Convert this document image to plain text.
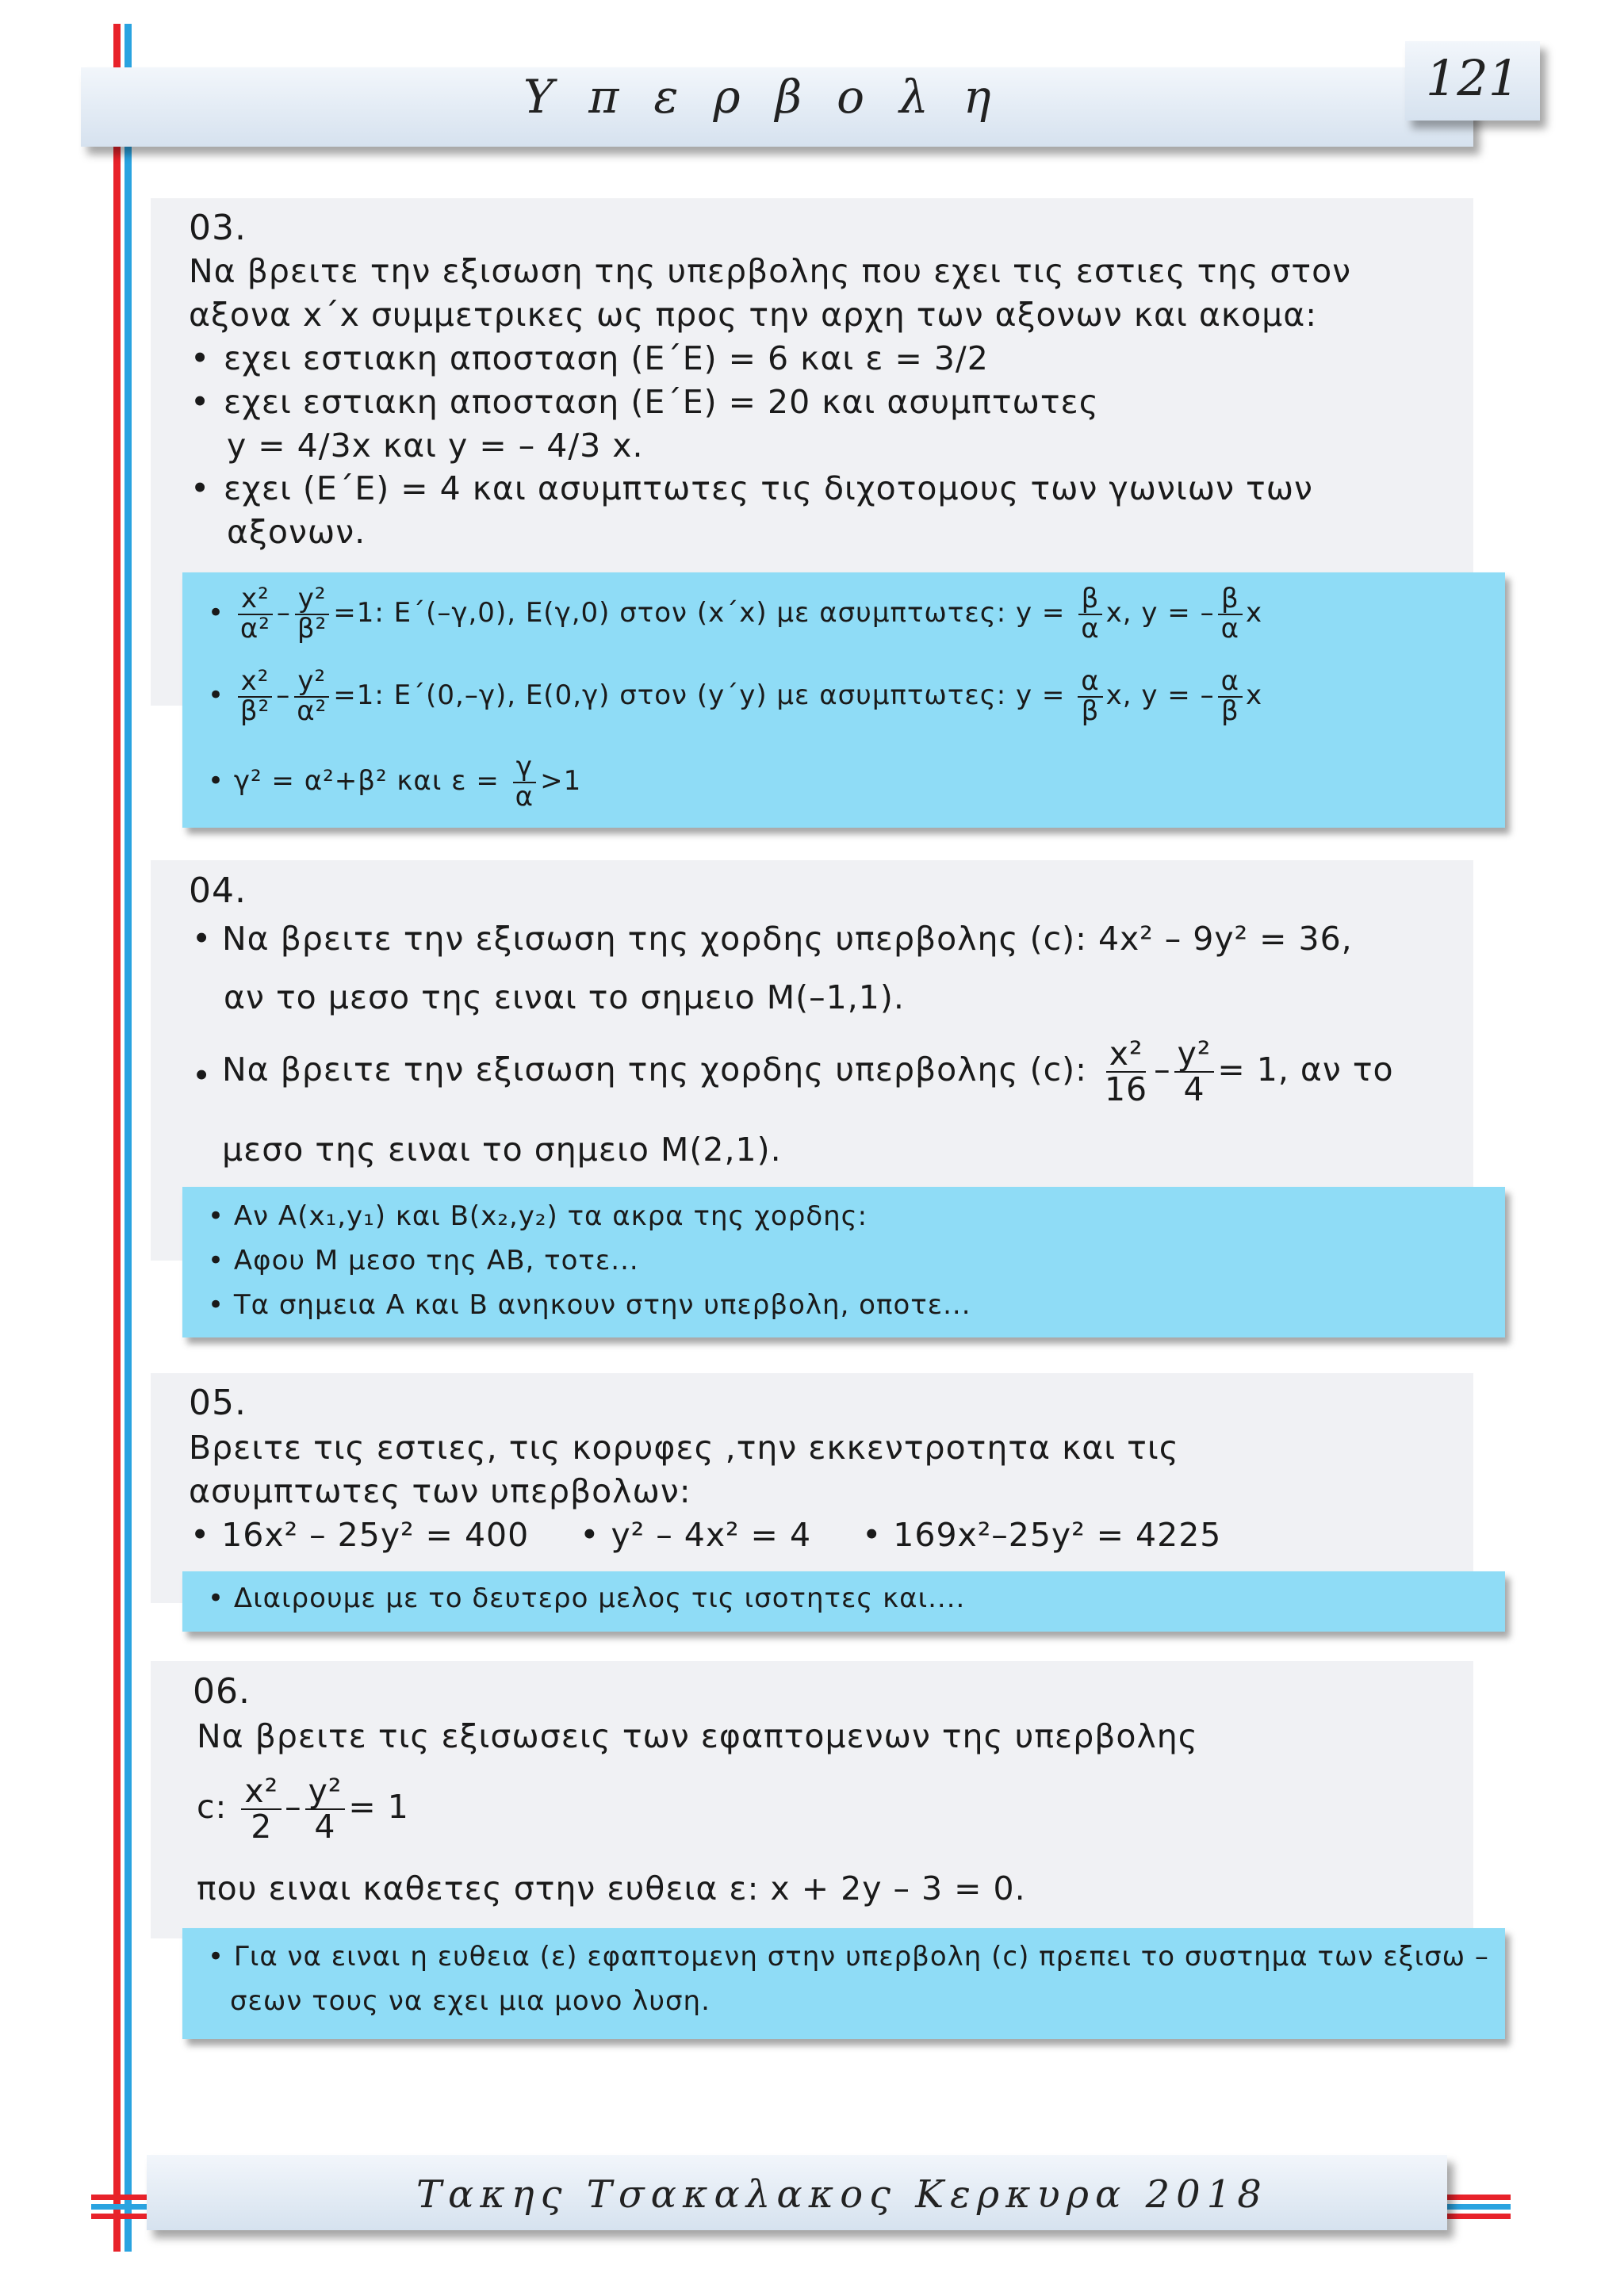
Υπερβολη	121
03.
Να βρειτε την εξισωση της υπερβολης που εχει τις εστιες της στον
αξονα x΄x συμμετρικες ως προς την αρχη των αξονων και ακομα:
• εχει εστιακη αποσταση (Ε΄Ε) = 6 και ε = 3/2
• εχει εστιακη αποσταση (Ε΄Ε) = 20 και ασυμπτωτες
y = 4/3x και y = – 4/3 x.
• εχει (Ε΄Ε) = 4 και ασυμπτωτες τις διχοτομους των γωνιων των
αξονων.
• $\frac{\text{x²}}{\text{α²}} - \frac{\text{y²}}{\text{β²}} =1$: Ε΄(–γ,0), Ε(γ,0) στον (x΄x) με ασυμπτωτες: $y = \frac{\beta}{\alpha} x$, y = – $\frac{\beta}{\alpha}$ x
• $\frac{\text{x²}}{\text{β²}} - \frac{\text{y²}}{\text{α²}} =1$: Ε΄(0,–γ), Ε(0,γ) στον (y΄y) με ασυμπτωτες: $y = \frac{\alpha}{\beta} x$, y = – $\frac{\alpha}{\beta}$ x
• γ² = α²+β² και $\varepsilon = \frac{\gamma}{\alpha} >1$
04.
• Να βρειτε την εξισωση της χορδης υπερβολης (c): 4x² – 9y² = 36,
αν το μεσο της ειναι το σημειο Μ(–1,1).
• Να βρειτε την εξισωση της χορδης υπερβολης (c): $\frac{\text{x²}}{16} - \frac{\text{y²}}{4} = 1$, αν το
μεσο της ειναι το σημειο Μ(2,1).
• Αν Α(x₁,y₁) και Β(x₂,y₂) τα ακρα της χορδης:
• Αφου Μ μεσο της ΑΒ, τοτε...
• Τα σημεια Α και Β ανηκουν στην υπερβολη, οποτε...
05.
Βρειτε τις εστιες, τις κορυφες ,την εκκεντροτητα και τις
ασυμπτωτες των υπερβολων:
• 16x² – 25y² = 400 • y² – 4x² = 4 • 169x²–25y² = 4225
• Διαιρουμε με το δευτερο μελος τις ισοτητες και....
06.
Να βρειτε τις εξισωσεις των εφαπτομενων της υπερβολης
c: $\frac{\text{x²}}{2} - \frac{\text{y²}}{4} = 1$
που ειναι καθετες στην ευθεια ε: x + 2y – 3 = 0.
• Για να ειναι η ευθεια (ε) εφαπτομενη στην υπερβολη (c) πρεπει το συστημα των εξισω –
σεων τους να εχει μια μονο λυση.
Τακης Τσακαλακος Κερκυρα 2018
